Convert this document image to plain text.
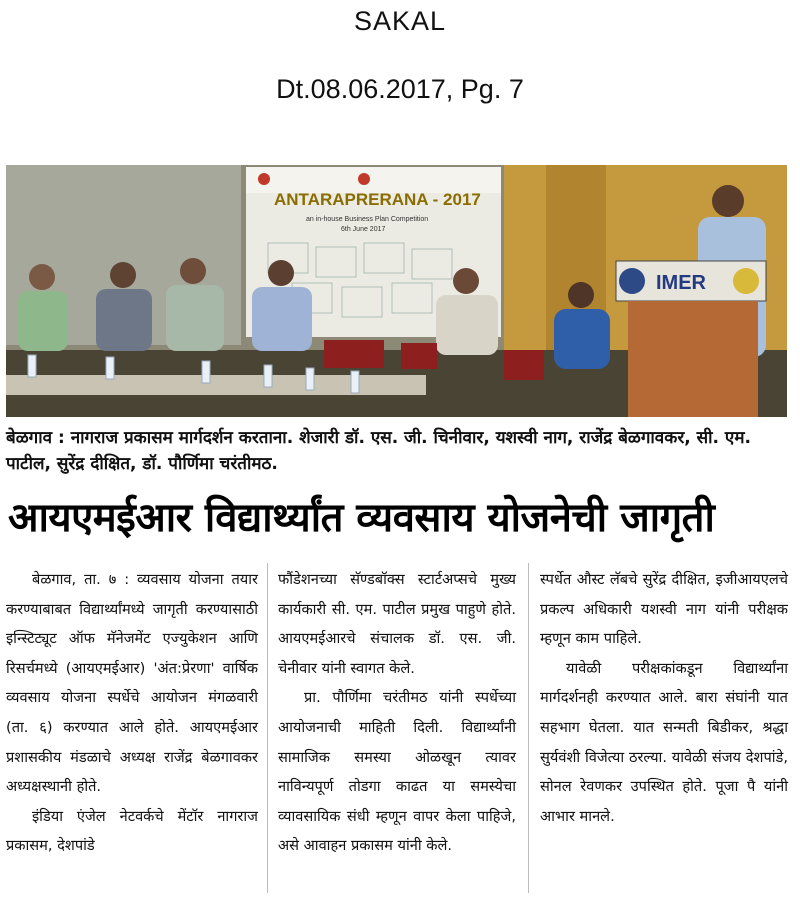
SAKAL
Dt.08.06.2017, Pg. 7
ANTARAPRERANA - 2017
an in-house Business Plan Competition
6th June 2017
IMER
बेळगाव : नागराज प्रकासम मार्गदर्शन करताना. शेजारी डॉ. एस. जी. चिनीवार, यशस्वी नाग, राजेंद्र बेळगावकर, सी. एम. पाटील, सुरेंद्र दीक्षित, डॉ. पौर्णिमा चरंतीमठ.
आयएमईआर विद्यार्थ्यांत व्यवसाय योजनेची जागृती

बेळगाव, ता. ७ : व्यवसाय योजना तयार करण्याबाबत विद्यार्थ्यांमध्ये जागृती करण्यासाठी इन्स्टिट्यूट ऑफ मॅनेजमेंट एज्युकेशन आणि रिसर्चमध्ये (आयएमईआर) 'अंत:प्रेरणा' वार्षिक व्यवसाय योजना स्पर्धेचे आयोजन मंगळवारी (ता. ६) करण्यात आले होते. आयएमईआर प्रशासकीय मंडळाचे अध्यक्ष राजेंद्र बेळगावकर अध्यक्षस्थानी होते.

इंडिया एंजेल नेटवर्कचे मेंटॉर नागराज प्रकासम, देशपांडे

फौंडेशनच्या सॅण्डबॉक्स स्टार्टअप्सचे मुख्य कार्यकारी सी. एम. पाटील प्रमुख पाहुणे होते. आयएमईआरचे संचालक डॉ. एस. जी. चेनीवार यांनी स्वागत केले.

प्रा. पौर्णिमा चरंतीमठ यांनी स्पर्धेच्या आयोजनाची माहिती दिली. विद्यार्थ्यांनी सामाजिक समस्या ओळखून त्यावर नाविन्यपूर्ण तोडगा काढत या समस्येचा व्यावसायिक संधी म्हणून वापर केला पाहिजे, असे आवाहन प्रकासम यांनी केले.

स्पर्धेत औस्ट लॅबचे सुरेंद्र दीक्षित, इजीआयएलचे प्रकल्प अधिकारी यशस्वी नाग यांनी परीक्षक म्हणून काम पाहिले.

यावेळी परीक्षकांकडून विद्यार्थ्यांना मार्गदर्शनही करण्यात आले. बारा संघांनी यात सहभाग घेतला. यात सन्मती बिडीकर, श्रद्धा सुर्यवंशी विजेत्या ठरल्या. यावेळी संजय देशपांडे, सोनल रेवणकर उपस्थित होते. पूजा पै यांनी आभार मानले.
